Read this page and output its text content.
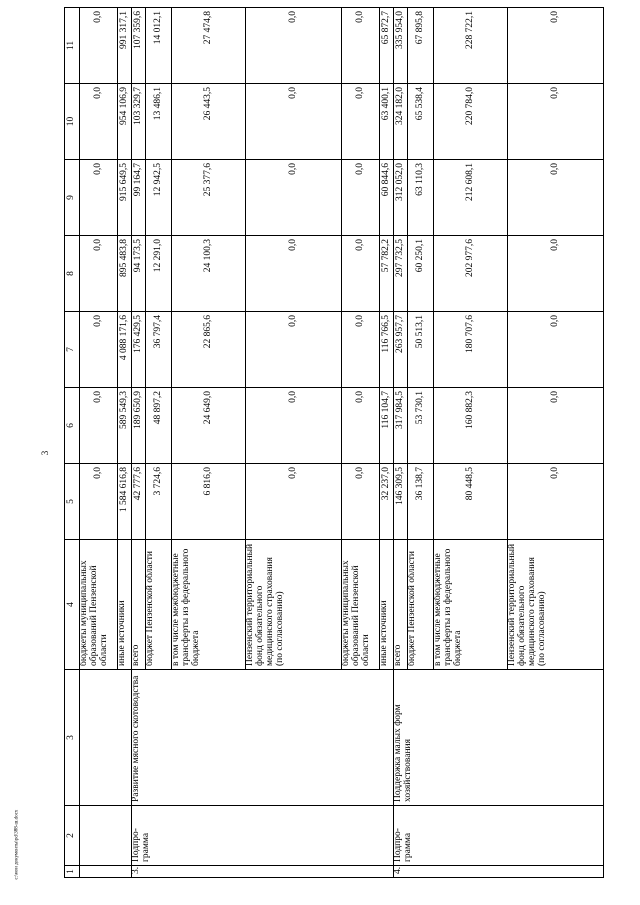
3
c:\мои документы\pd\388-ш.docx	1	2	3	4	5	6	7	8	9	10	11
			бюджеты муниципальных образований Пензенской области	0,0	0,0	0,0	0,0	0,0	0,0	0,0
			иные источники	1 584 616,8	589 549,3	4 088 171,6	895 483,8	915 649,5	954 106,9	991 317,1
3.	Подпро-грамма	Развитие мясного скотоводства	всего	42 777,6	189 650,9	176 429,5	94 173,5	99 164,7	103 329,7	107 359,6
			бюджет Пензенской области	3 724,6	48 897,2	36 797,4	12 291,0	12 942,5	13 486,1	14 012,1
			в том числе межбюджетные трансферты из федерального бюджета	6 816,0	24 649,0	22 865,6	24 100,3	25 377,6	26 443,5	27 474,8
			Пензенский территориальный фонд обязательного медицинского страхования (по согласованию)	0,0	0,0	0,0	0,0	0,0	0,0	0,0
			бюджеты муниципальных образований Пензенской области	0,0	0,0	0,0	0,0	0,0	0,0	0,0
			иные источники	32 237,0	116 104,7	116 766,5	57 782,2	60 844,6	63 400,1	65 872,7
4.	Подпро-грамма	Поддержка малых форм хозяйствования	всего	146 309,5	317 984,5	263 957,7	297 732,5	312 052,0	324 182,0	335 954,0
			бюджет Пензенской области	36 138,7	53 730,1	50 513,1	60 250,1	63 110,3	65 538,4	67 895,8
			в том числе межбюджетные трансферты из федерального бюджета	80 448,5	160 882,3	180 707,6	202 977,6	212 608,1	220 784,0	228 722,1
			Пензенский территориальный фонд обязательного медицинского страхования (по согласованию)	0,0	0,0	0,0	0,0	0,0	0,0	0,0
